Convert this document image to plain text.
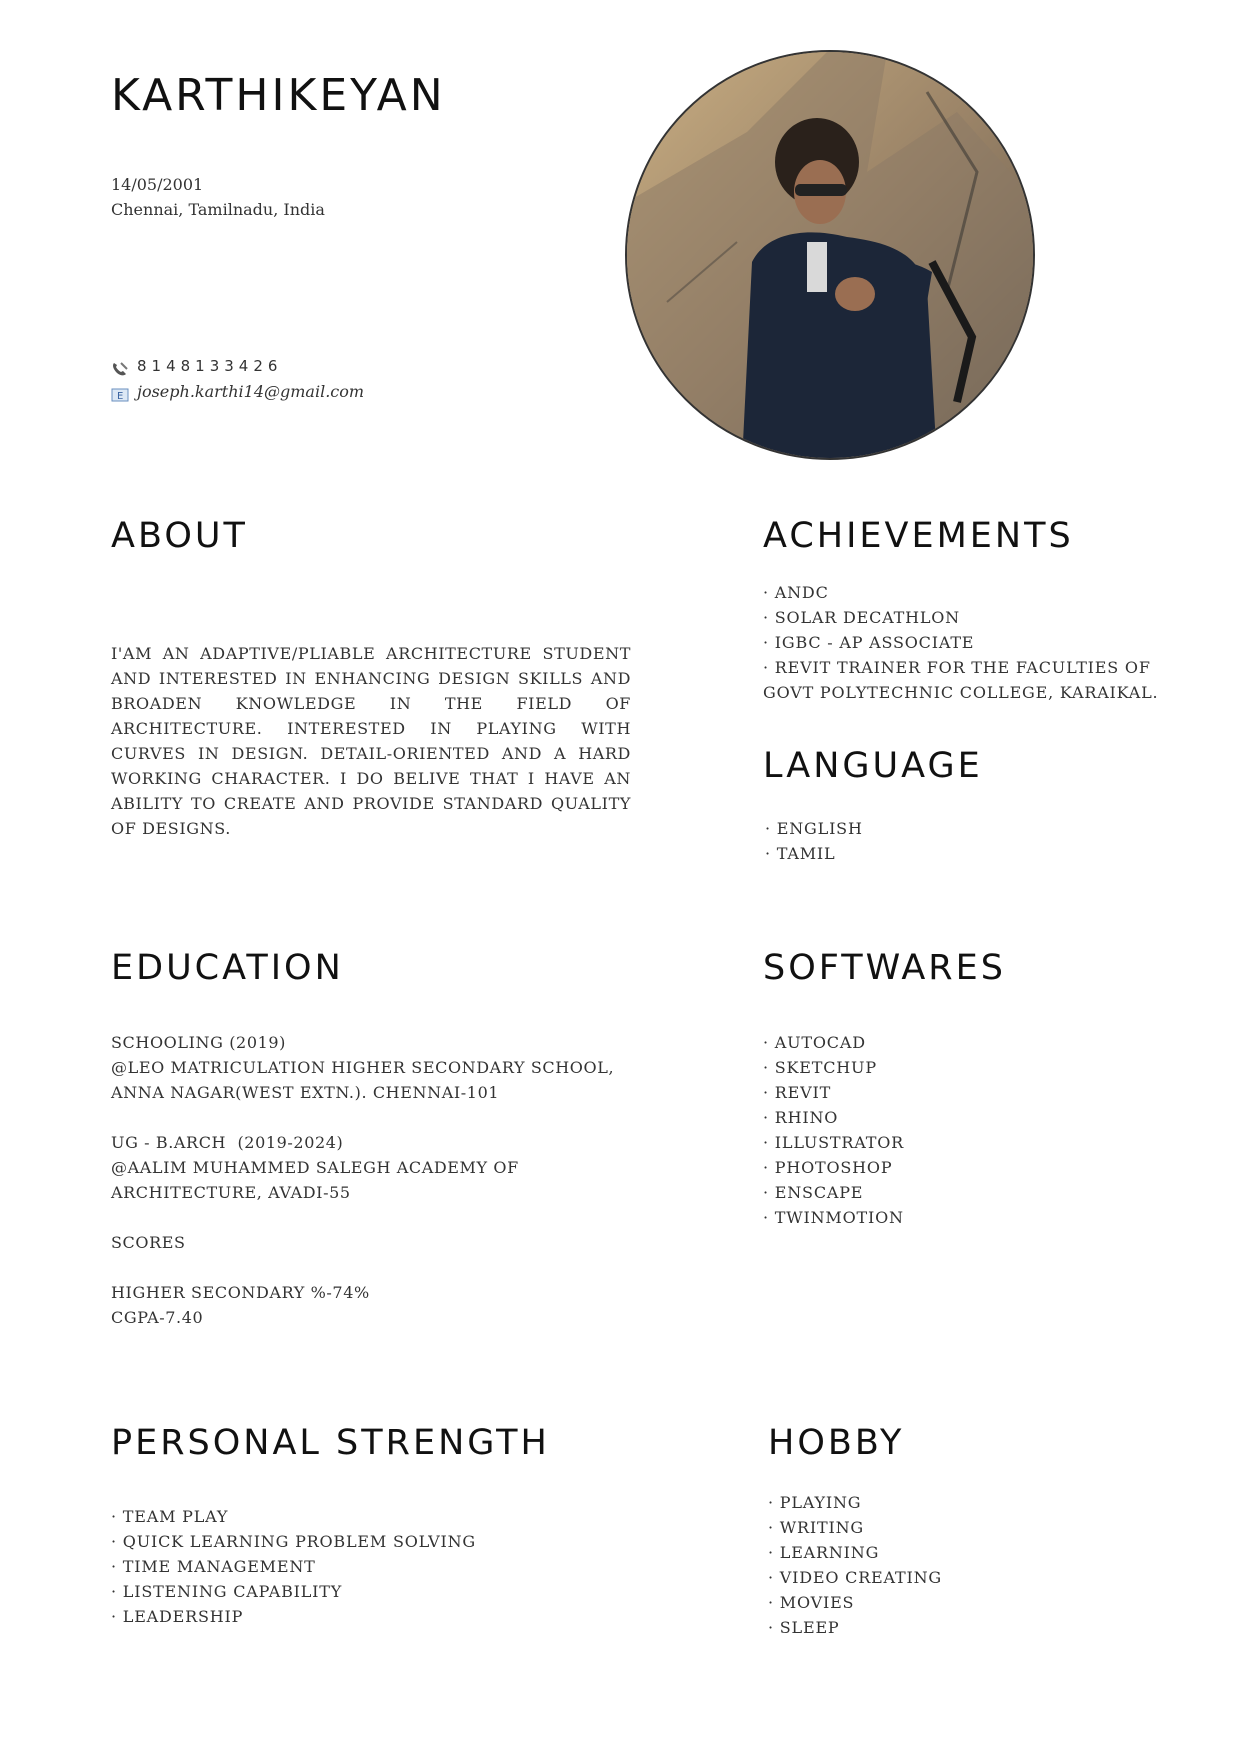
KARTHIKEYAN
14/05/2001
Chennai, Tamilnadu, India
8148133426
E joseph.karthi14@gmail.com
ABOUT
I'AM AN ADAPTIVE/PLIABLE ARCHITECTURE STUDENT AND INTERESTED IN ENHANCING DESIGN SKILLS AND BROADEN KNOWLEDGE IN THE FIELD OF ARCHITECTURE. INTERESTED IN PLAYING WITH CURVES IN DESIGN. DETAIL-ORIENTED AND A HARD WORKING CHARACTER. I DO BELIVE THAT I HAVE AN ABILITY TO CREATE AND PROVIDE STANDARD QUALITY OF DESIGNS.
ACHIEVEMENTS
· ANDC
· SOLAR DECATHLON
· IGBC - AP ASSOCIATE
· REVIT TRAINER FOR THE FACULTIES OF GOVT POLYTECHNIC COLLEGE, KARAIKAL.
LANGUAGE
· ENGLISH
· TAMIL
EDUCATION
SCHOOLING (2019)
@LEO MATRICULATION HIGHER SECONDARY SCHOOL, ANNA NAGAR(WEST EXTN.). CHENNAI-101
UG - B.ARCH  (2019-2024)
@AALIM MUHAMMED SALEGH ACADEMY OF ARCHITECTURE, AVADI-55
SCORES
HIGHER SECONDARY %-74%
CGPA-7.40
SOFTWARES
· AUTOCAD
· SKETCHUP
· REVIT
· RHINO
· ILLUSTRATOR
· PHOTOSHOP
· ENSCAPE
· TWINMOTION
PERSONAL STRENGTH
· TEAM PLAY
· QUICK LEARNING PROBLEM SOLVING
· TIME MANAGEMENT
· LISTENING CAPABILITY
· LEADERSHIP
HOBBY
· PLAYING
· WRITING
· LEARNING
· VIDEO CREATING
· MOVIES
· SLEEP
